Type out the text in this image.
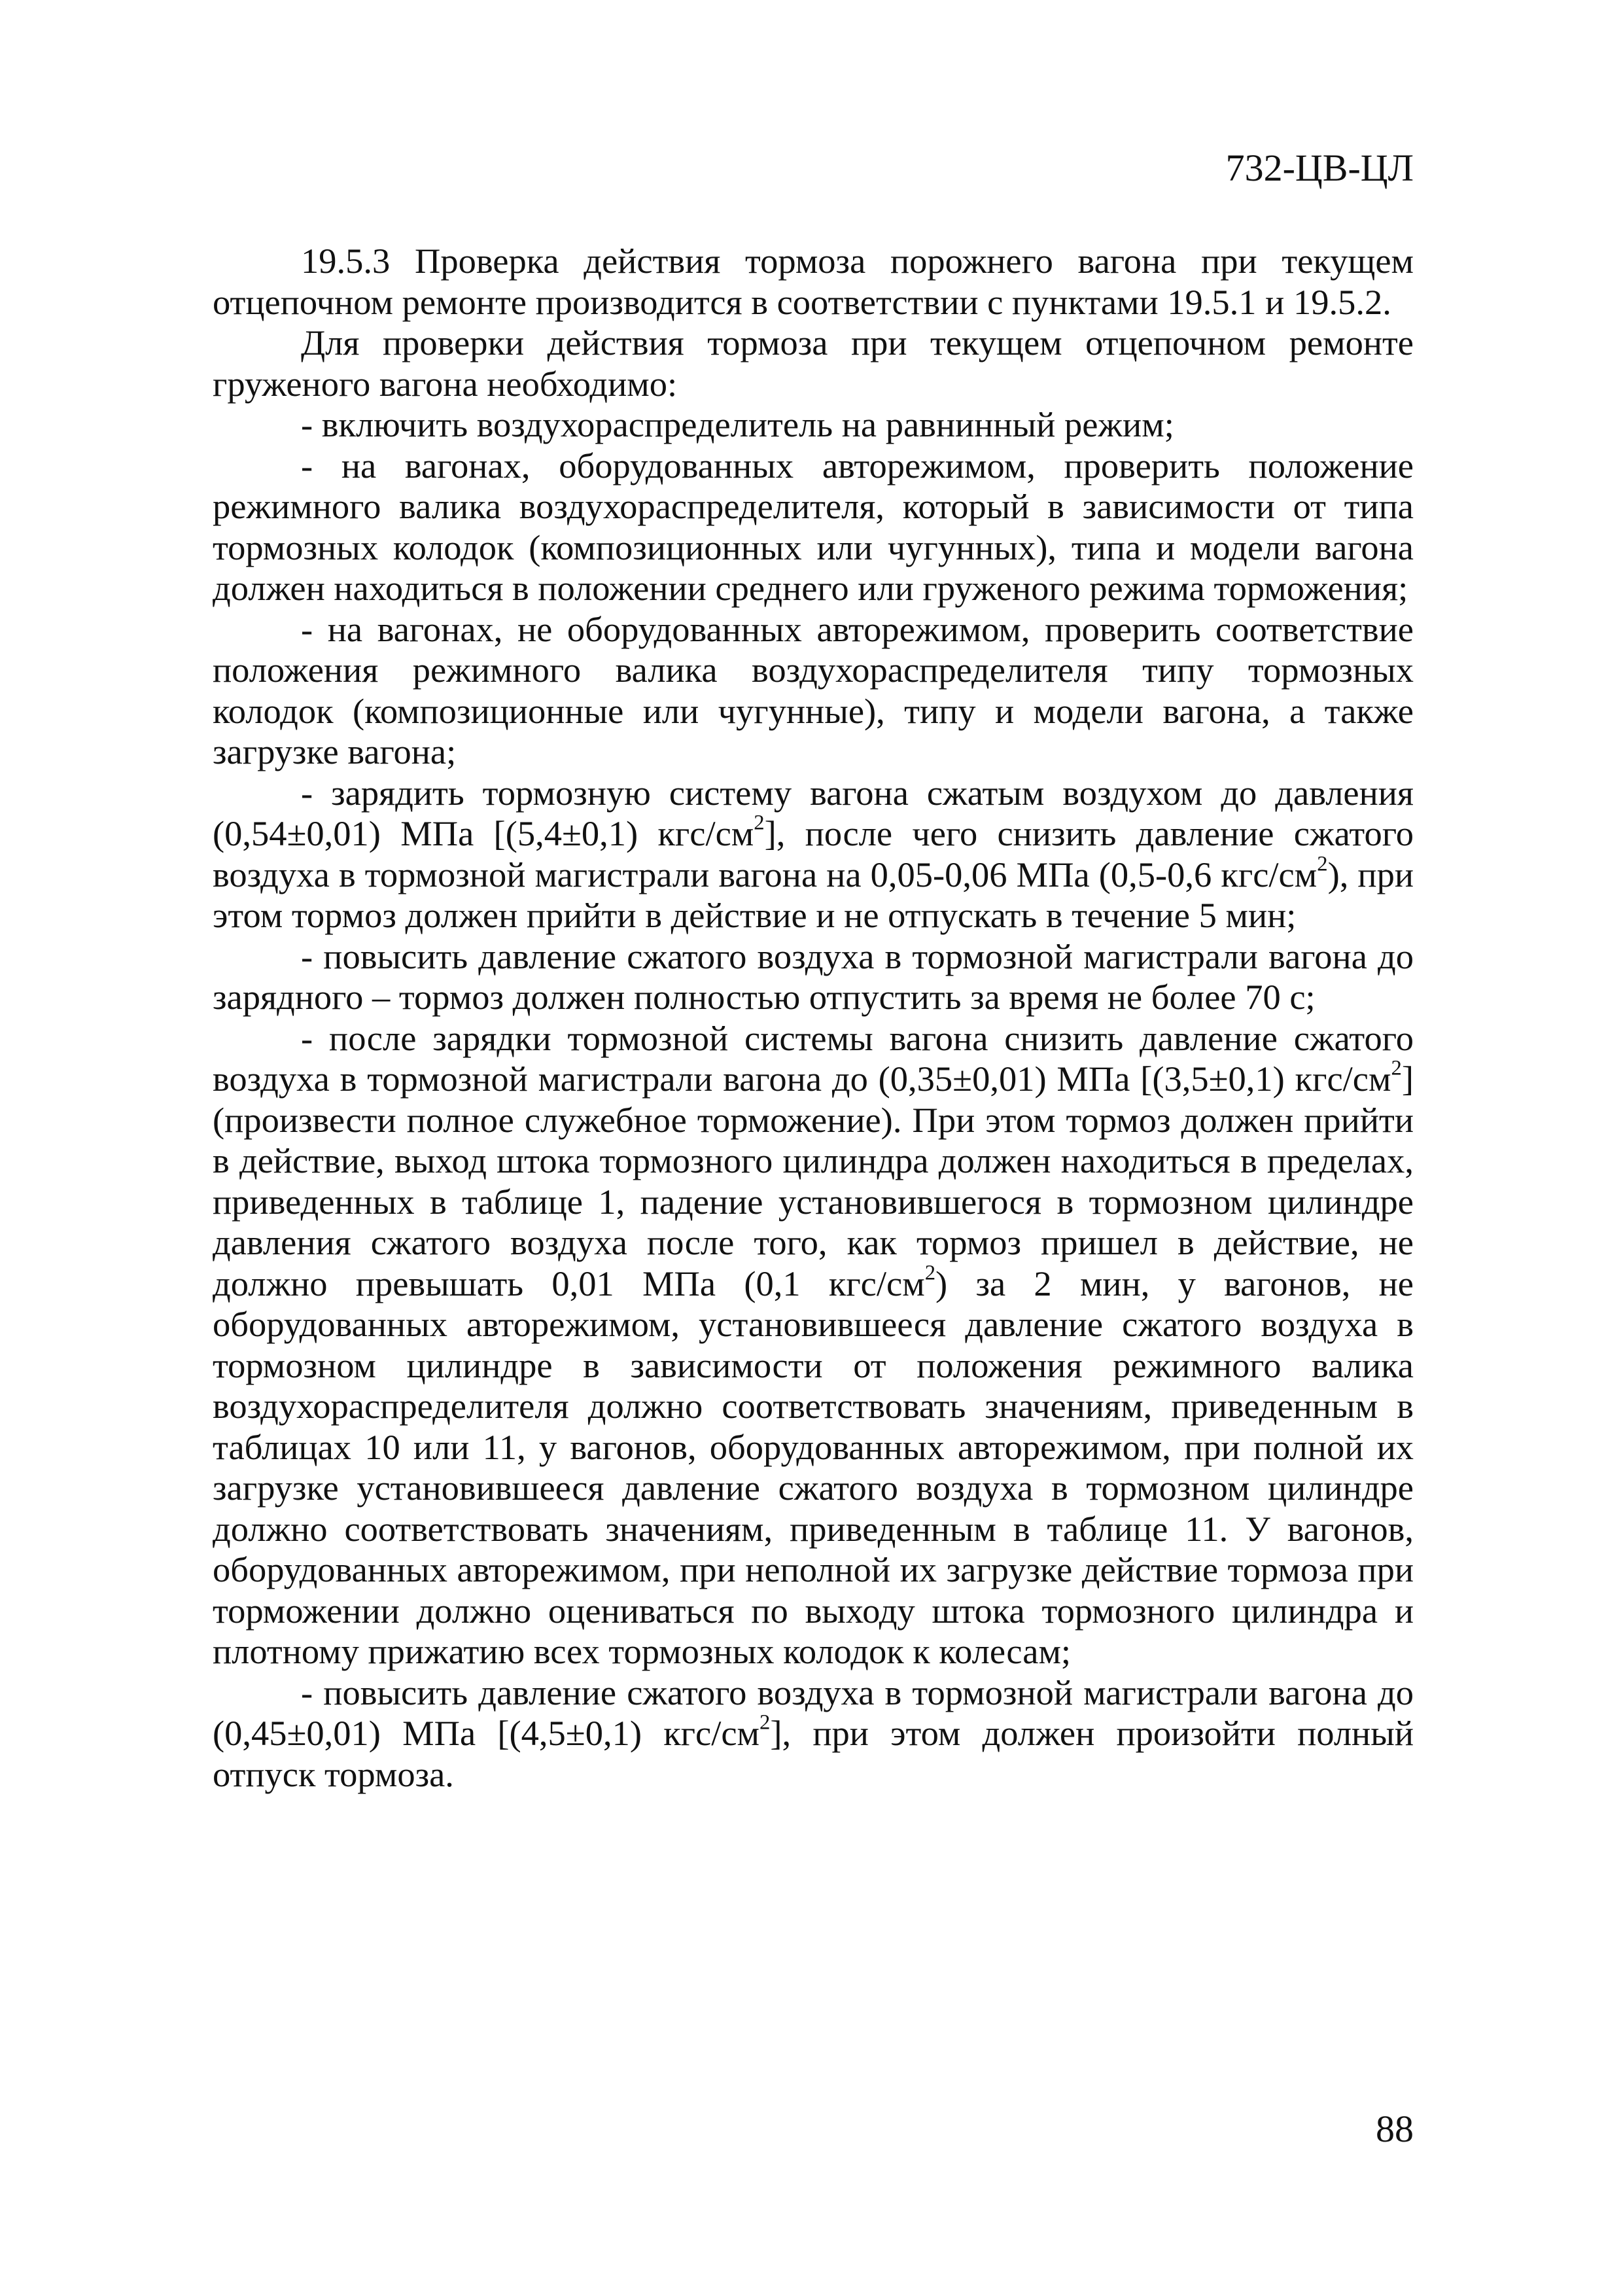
732-ЦВ-ЦЛ

19.5.3 Проверка действия тормоза порожнего вагона при текущем отцепочном ремонте производится в соответствии с пунктами 19.5.1 и 19.5.2.

Для проверки действия тормоза при текущем отцепочном ремонте груженого вагона необходимо:

- включить воздухораспределитель на равнинный режим;

- на вагонах, оборудованных авторежимом, проверить положение режимного валика воздухораспределителя, который в зависимости от типа тормозных колодок (композиционных или чугунных), типа и модели вагона должен находиться в положении среднего или груженого режима торможения;

- на вагонах, не оборудованных авторежимом, проверить соответствие положения режимного валика воздухораспределителя типу тормозных колодок (композиционные или чугунные), типу и модели вагона, а также загрузке вагона;

- зарядить тормозную систему вагона сжатым воздухом до давления (0,54±0,01) МПа [(5,4±0,1) кгс/$см^2$], после чего снизить давление сжатого воздуха в тормозной магистрали вагона на 0,05-0,06 МПа (0,5-0,6 кгс/$см^2$), при этом тормоз должен прийти в действие и не отпускать в течение 5 мин;

- повысить давление сжатого воздуха в тормозной магистрали вагона до зарядного – тормоз должен полностью отпустить за время не более 70 с;

- после зарядки тормозной системы вагона снизить давление сжатого воздуха в тормозной магистрали вагона до (0,35±0,01) МПа [(3,5±0,1) кгс/$см^2$] (произвести полное служебное торможение). При этом тормоз должен прийти в действие, выход штока тормозного цилиндра должен находиться в пределах, приведенных в таблице 1, падение установившегося в тормозном цилиндре давления сжатого воздуха после того, как тормоз пришел в действие, не должно превышать 0,01 МПа (0,1 кгс/$см^2$) за 2 мин, у вагонов, не оборудованных авторежимом, установившееся давление сжатого воздуха в тормозном цилиндре в зависимости от положения режимного валика воздухораспределителя должно соответствовать значениям, приведенным в таблицах 10 или 11, у вагонов, оборудованных авторежимом, при полной их загрузке установившееся давление сжатого воздуха в тормозном цилиндре должно соответствовать значениям, приведенным в таблице 11. У вагонов, оборудованных авторежимом, при неполной их загрузке действие тормоза при торможении должно оцениваться по выходу штока тормозного цилиндра и плотному прижатию всех тормозных колодок к колесам;

- повысить давление сжатого воздуха в тормозной магистрали вагона до (0,45±0,01) МПа [(4,5±0,1) кгс/$см^2$], при этом должен произойти полный отпуск тормоза.

88
